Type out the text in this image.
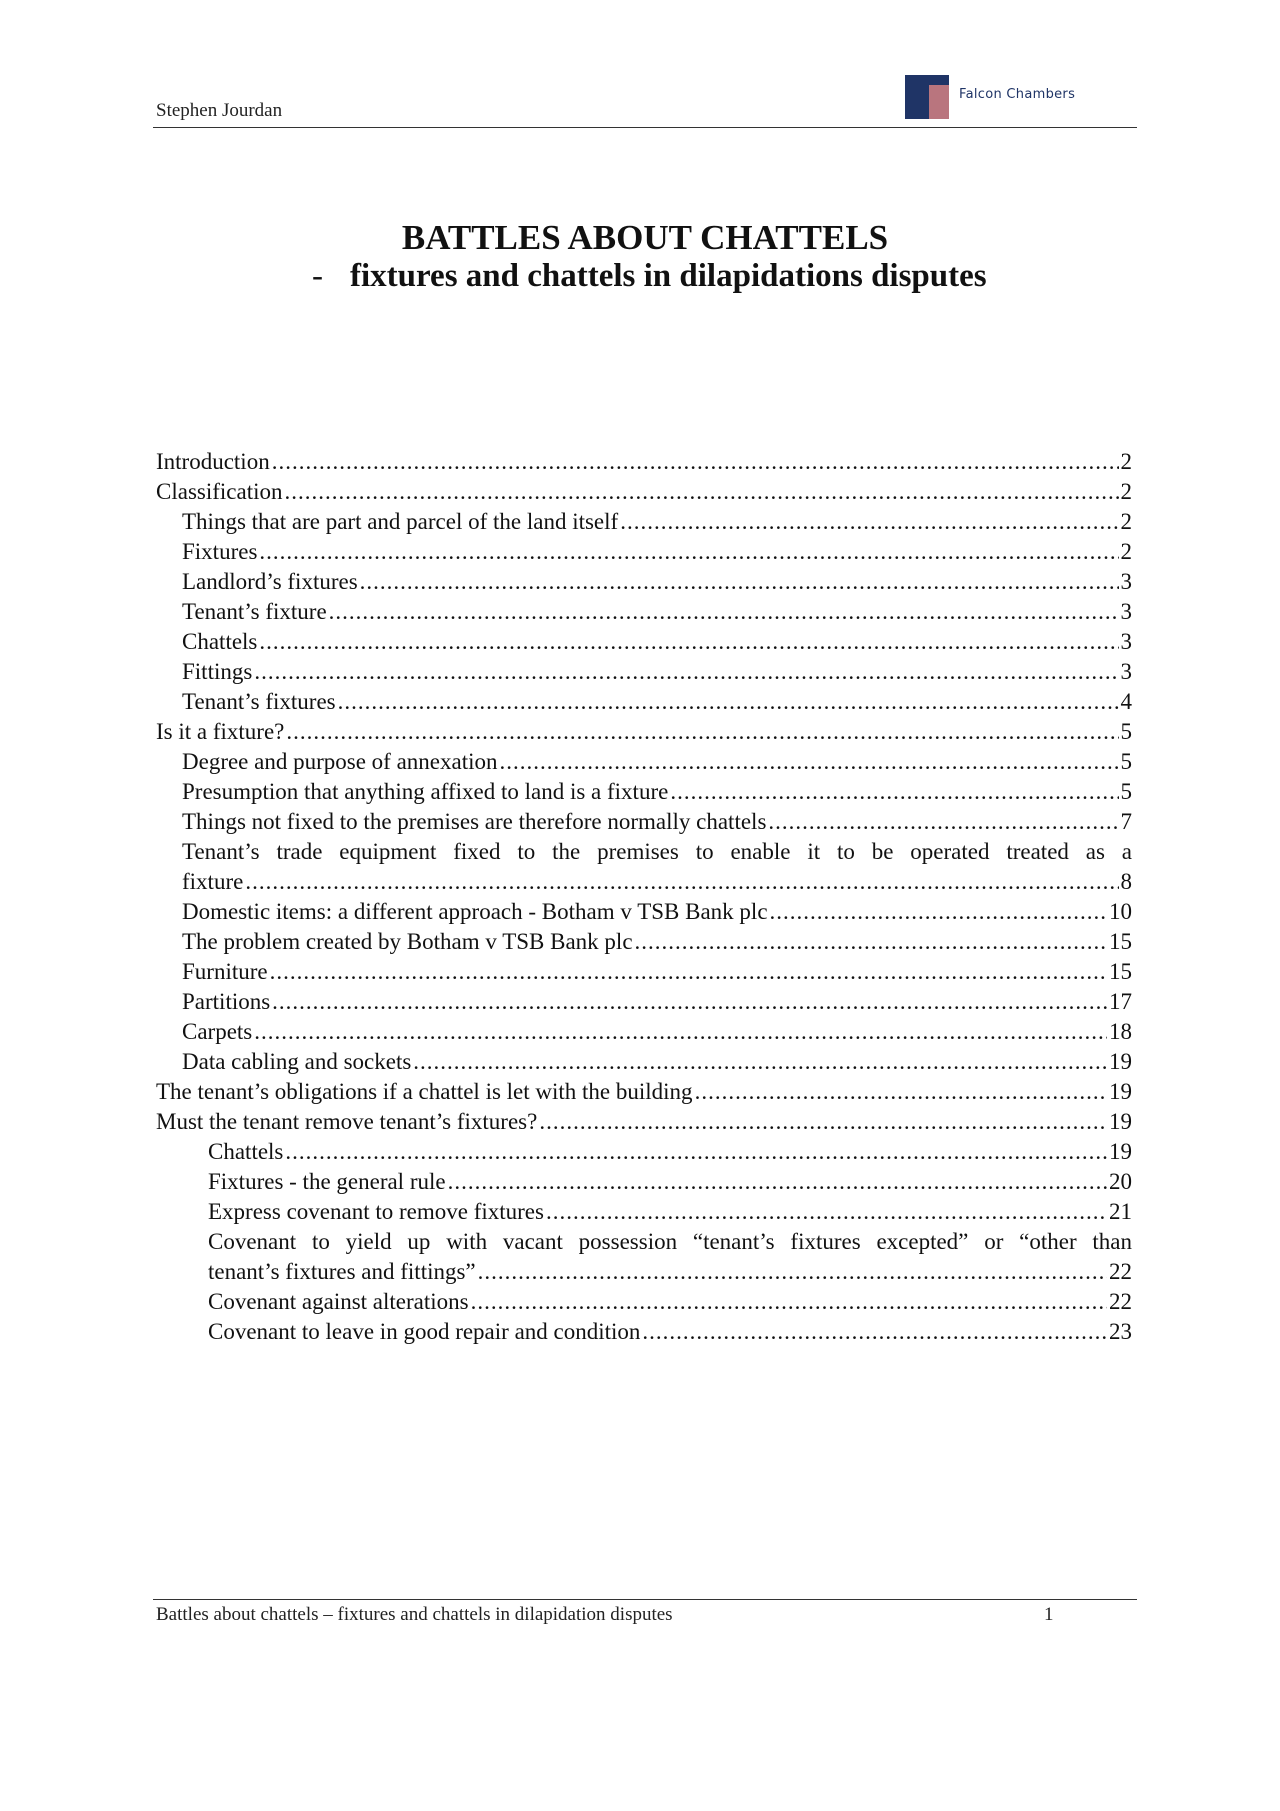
Stephen Jourdan
Falcon Chambers
BATTLES ABOUT CHATTELS
- fixtures and chattels in dilapidations disputes
Introduction .....	2
Classification .....	2
Things that are part and parcel of the land itself .....	2
Fixtures .....	2
Landlord’s fixtures .....	3
Tenant’s fixture .....	3
Chattels .....	3
Fittings .....	3
Tenant’s fixtures .....	4
Is it a fixture? .....	5
Degree and purpose of annexation .....	5
Presumption that anything affixed to land is a fixture .....	5
Things not fixed to the premises are therefore normally chattels .....	7
Tenant’s trade equipment fixed to the premises to enable it to be operated treated as a
fixture .....	8
Domestic items: a different approach - Botham v TSB Bank plc .....	10
The problem created by Botham v TSB Bank plc .....	15
Furniture .....	15
Partitions .....	17
Carpets .....	18
Data cabling and sockets .....	19
The tenant’s obligations if a chattel is let with the building .....	19
Must the tenant remove tenant’s fixtures? .....	19
Chattels .....	19
Fixtures - the general rule .....	20
Express covenant to remove fixtures .....	21
Covenant to yield up with vacant possession “tenant’s fixtures excepted” or “other than
tenant’s fixtures and fittings” .....	22
Covenant against alterations .....	22
Covenant to leave in good repair and condition .....	23
Battles about chattels – fixtures and chattels in dilapidation disputes	1
